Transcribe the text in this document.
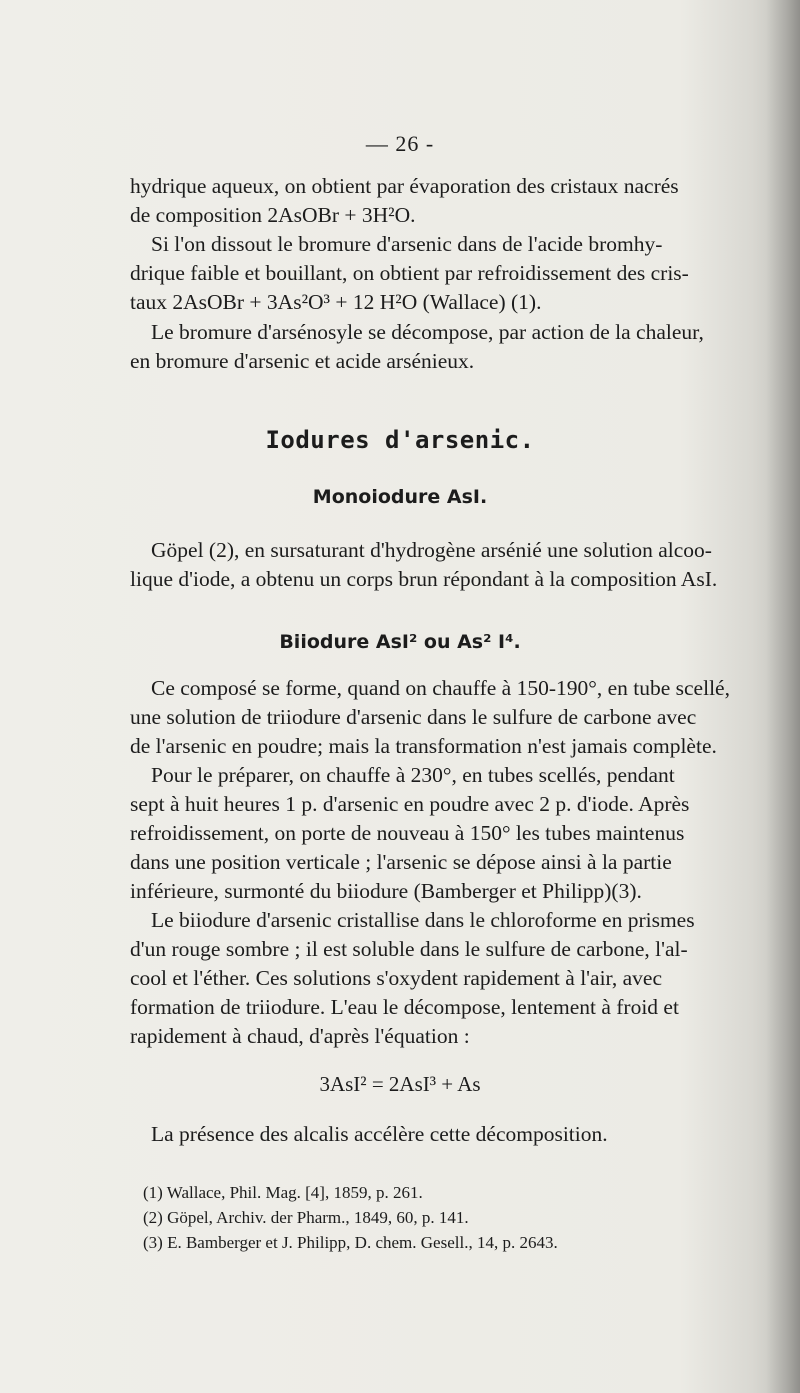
— 26 -
hydrique aqueux, on obtient par évaporation des cristaux nacrés
de composition 2AsOBr + 3H²O.
Si l'on dissout le bromure d'arsenic dans de l'acide bromhy-
drique faible et bouillant, on obtient par refroidissement des cris-
taux 2AsOBr + 3As²O³ + 12 H²O (Wallace) (1).
Le bromure d'arsénosyle se décompose, par action de la chaleur,
en bromure d'arsenic et acide arsénieux.
Iodures d'arsenic.
Monoiodure AsI.
Göpel (2), en sursaturant d'hydrogène arsénié une solution alcoo-
lique d'iode, a obtenu un corps brun répondant à la composition AsI.
Biiodure AsI² ou As² I⁴.
Ce composé se forme, quand on chauffe à 150-190°, en tube scellé,
une solution de triiodure d'arsenic dans le sulfure de carbone avec
de l'arsenic en poudre; mais la transformation n'est jamais complète.
Pour le préparer, on chauffe à 230°, en tubes scellés, pendant
sept à huit heures 1 p. d'arsenic en poudre avec 2 p. d'iode. Après
refroidissement, on porte de nouveau à 150° les tubes maintenus
dans une position verticale ; l'arsenic se dépose ainsi à la partie
inférieure, surmonté du biiodure (Bamberger et Philipp)(3).
Le biiodure d'arsenic cristallise dans le chloroforme en prismes
d'un rouge sombre ; il est soluble dans le sulfure de carbone, l'al-
cool et l'éther. Ces solutions s'oxydent rapidement à l'air, avec
formation de triiodure. L'eau le décompose, lentement à froid et
rapidement à chaud, d'après l'équation :
3AsI² = 2AsI³ + As
La présence des alcalis accélère cette décomposition.
(1) Wallace, Phil. Mag. [4], 1859, p. 261.
(2) Göpel, Archiv. der Pharm., 1849, 60, p. 141.
(3) E. Bamberger et J. Philipp, D. chem. Gesell., 14, p. 2643.
